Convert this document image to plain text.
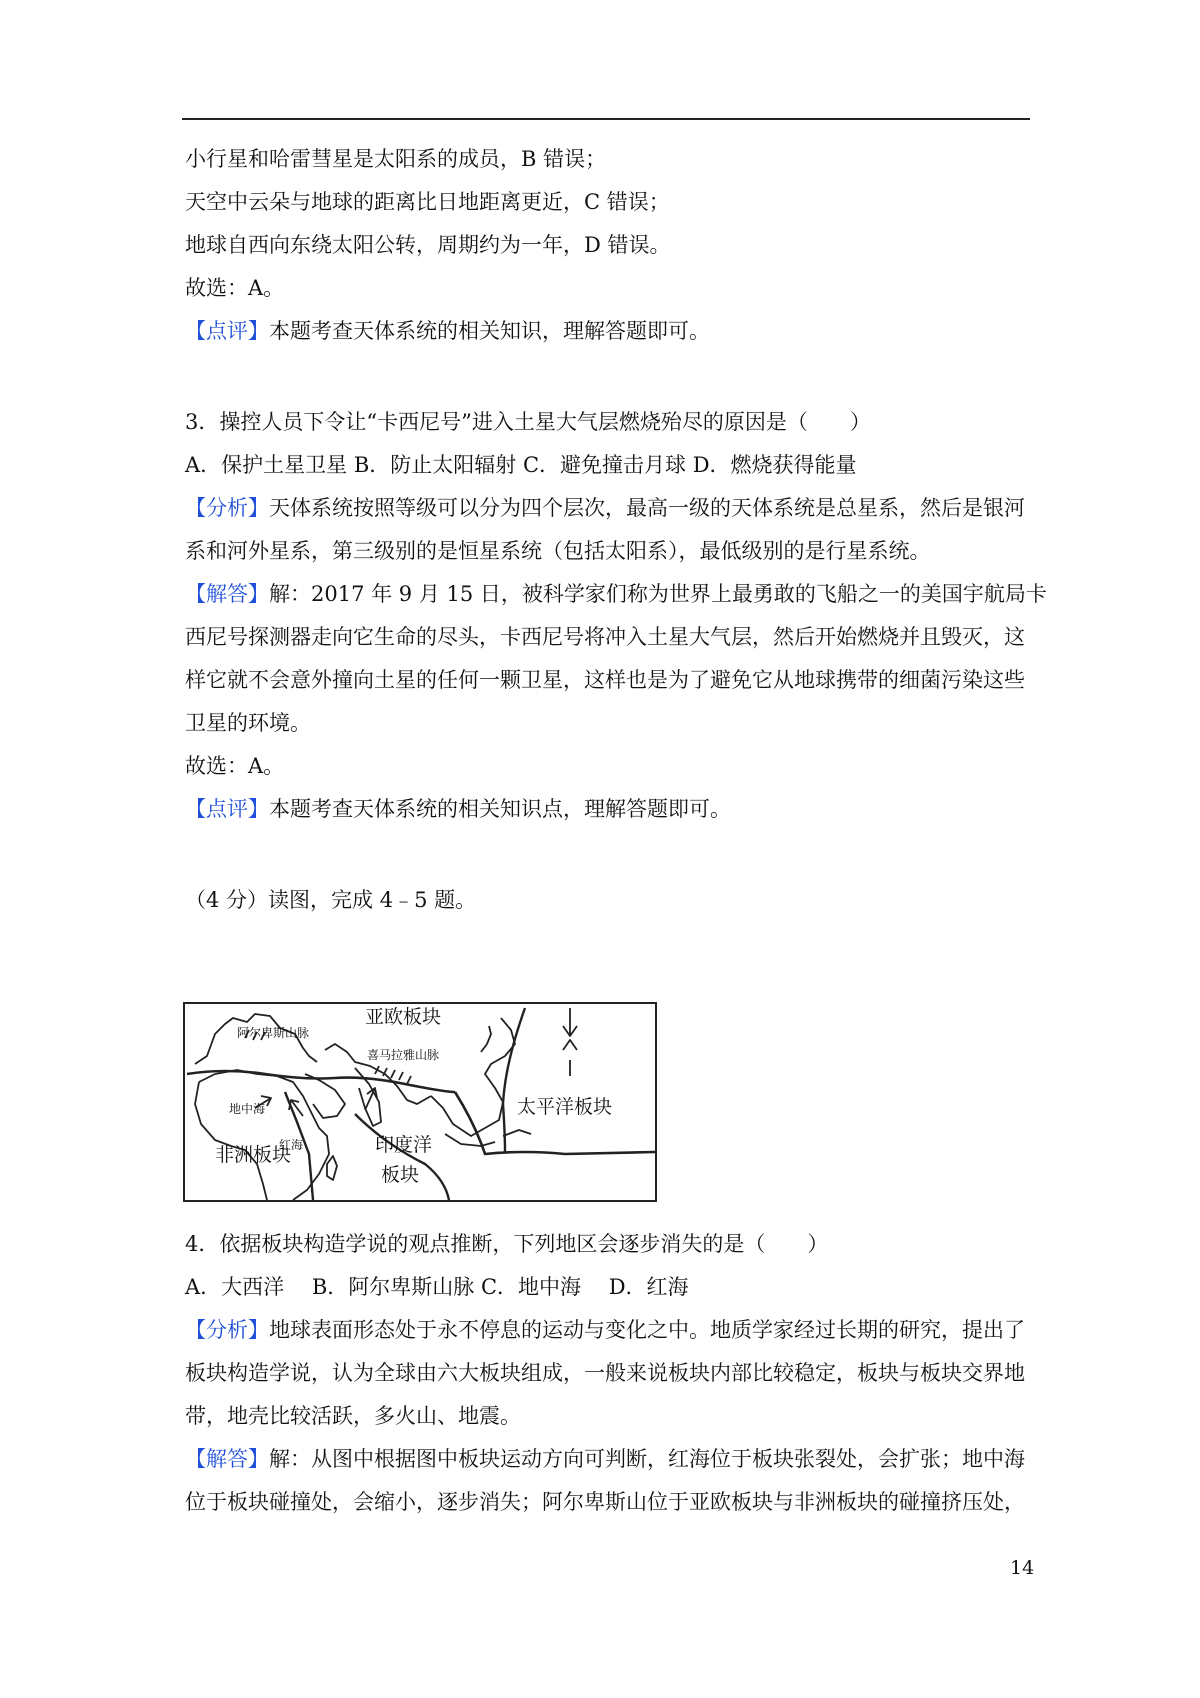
小行星和哈雷彗星是太阳系的成员，B 错误；
天空中云朵与地球的距离比日地距离更近，C 错误；
地球自西向东绕太阳公转，周期约为一年，D 错误。
故选：A。
【点评】本题考查天体系统的相关知识，理解答题即可。
3．操控人员下令让“卡西尼号”进入土星大气层燃烧殆尽的原因是（　　）
A．保护土星卫星 B．防止太阳辐射 C．避免撞击月球 D．燃烧获得能量
【分析】天体系统按照等级可以分为四个层次，最高一级的天体系统是总星系，然后是银河
系和河外星系，第三级别的是恒星系统（包括太阳系），最低级别的是行星系统。
【解答】解：2017 年 9 月 15 日，被科学家们称为世界上最勇敢的飞船之一的美国宇航局卡
西尼号探测器走向它生命的尽头，卡西尼号将冲入土星大气层，然后开始燃烧并且毁灭，这
样它就不会意外撞向土星的任何一颗卫星，这样也是为了避免它从地球携带的细菌污染这些
卫星的环境。
故选：A。
【点评】本题考查天体系统的相关知识点，理解答题即可。
（4 分）读图，完成 4﹣5 题。
亚欧板块
阿尔卑斯山脉
喜马拉雅山脉
地中海
红海
非洲板块	印度洋
板块
太平洋板块
4．依据板块构造学说的观点推断，下列地区会逐步消失的是（　　）
A．大西洋　 B．阿尔卑斯山脉 C．地中海　 D．红海
【分析】地球表面形态处于永不停息的运动与变化之中。地质学家经过长期的研究，提出了
板块构造学说，认为全球由六大板块组成，一般来说板块内部比较稳定，板块与板块交界地
带，地壳比较活跃，多火山、地震。
【解答】解：从图中根据图中板块运动方向可判断，红海位于板块张裂处，会扩张；地中海
位于板块碰撞处，会缩小，逐步消失；阿尔卑斯山位于亚欧板块与非洲板块的碰撞挤压处，
14
